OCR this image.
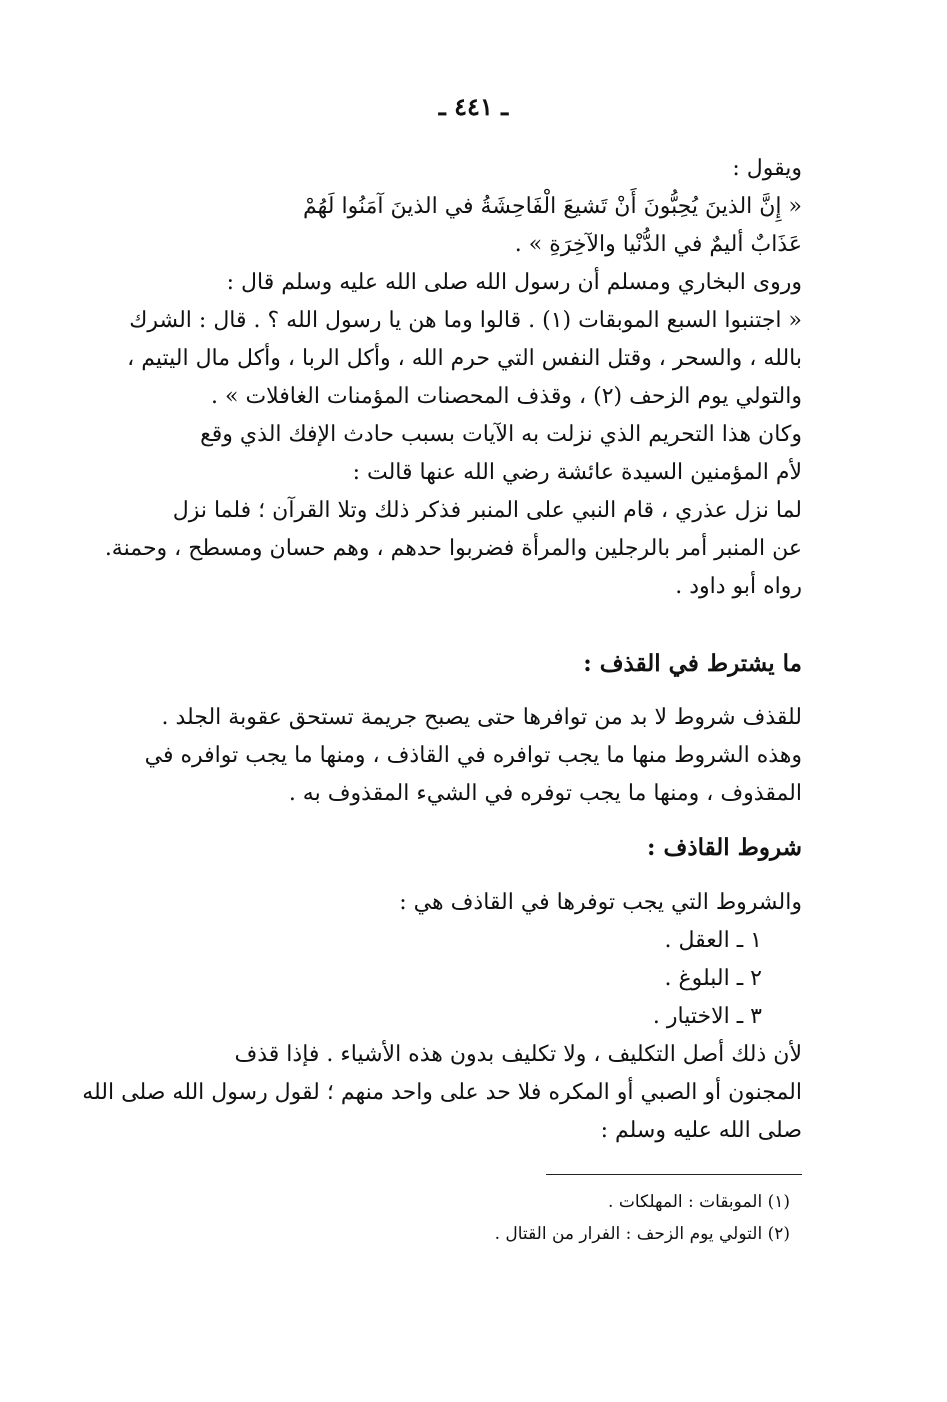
ـ ٤٤١ ـ
ويقول :
« إِنَّ الذينَ يُحِبُّونَ أَنْ تَشيعَ الْفَاحِشَةُ في الذينَ آمَنُوا لَهُمْ
عَذَابٌ أليمٌ في الدُّنْيا والآخِرَةِ » .
وروى البخاري ومسلم أن رسول الله صلى الله عليه وسلم قال :
« اجتنبوا السبع الموبقات (١) . قالوا وما هن يا رسول الله ؟ . قال : الشرك
بالله ، والسحر ، وقتل النفس التي حرم الله ، وأكل الربا ، وأكل مال اليتيم ،
والتولي يوم الزحف (٢) ، وقذف المحصنات المؤمنات الغافلات » .
وكان هذا التحريم الذي نزلت به الآيات بسبب حادث الإفك الذي وقع
لأم المؤمنين السيدة عائشة رضي الله عنها قالت :
لما نزل عذري ، قام النبي على المنبر فذكر ذلك وتلا القرآن ؛ فلما نزل
عن المنبر أمر بالرجلين والمرأة فضربوا حدهم ، وهم حسان ومسطح ، وحمنة.
رواه أبو داود .
ما يشترط في القذف :
للقذف شروط لا بد من توافرها حتى يصبح جريمة تستحق عقوبة الجلد .
وهذه الشروط منها ما يجب توافره في القاذف ، ومنها ما يجب توافره في
المقذوف ، ومنها ما يجب توفره في الشيء المقذوف به .
شروط القاذف :
والشروط التي يجب توفرها في القاذف هي :
١ ـ العقل .
٢ ـ البلوغ .
٣ ـ الاختيار .
لأن ذلك أصل التكليف ، ولا تكليف بدون هذه الأشياء . فإذا قذف
المجنون أو الصبي أو المكره فلا حد على واحد منهم ؛ لقول رسول الله صلى الله
صلى الله عليه وسلم :
(١) الموبقات : المهلكات .
(٢) التولي يوم الزحف : الفرار من القتال .
